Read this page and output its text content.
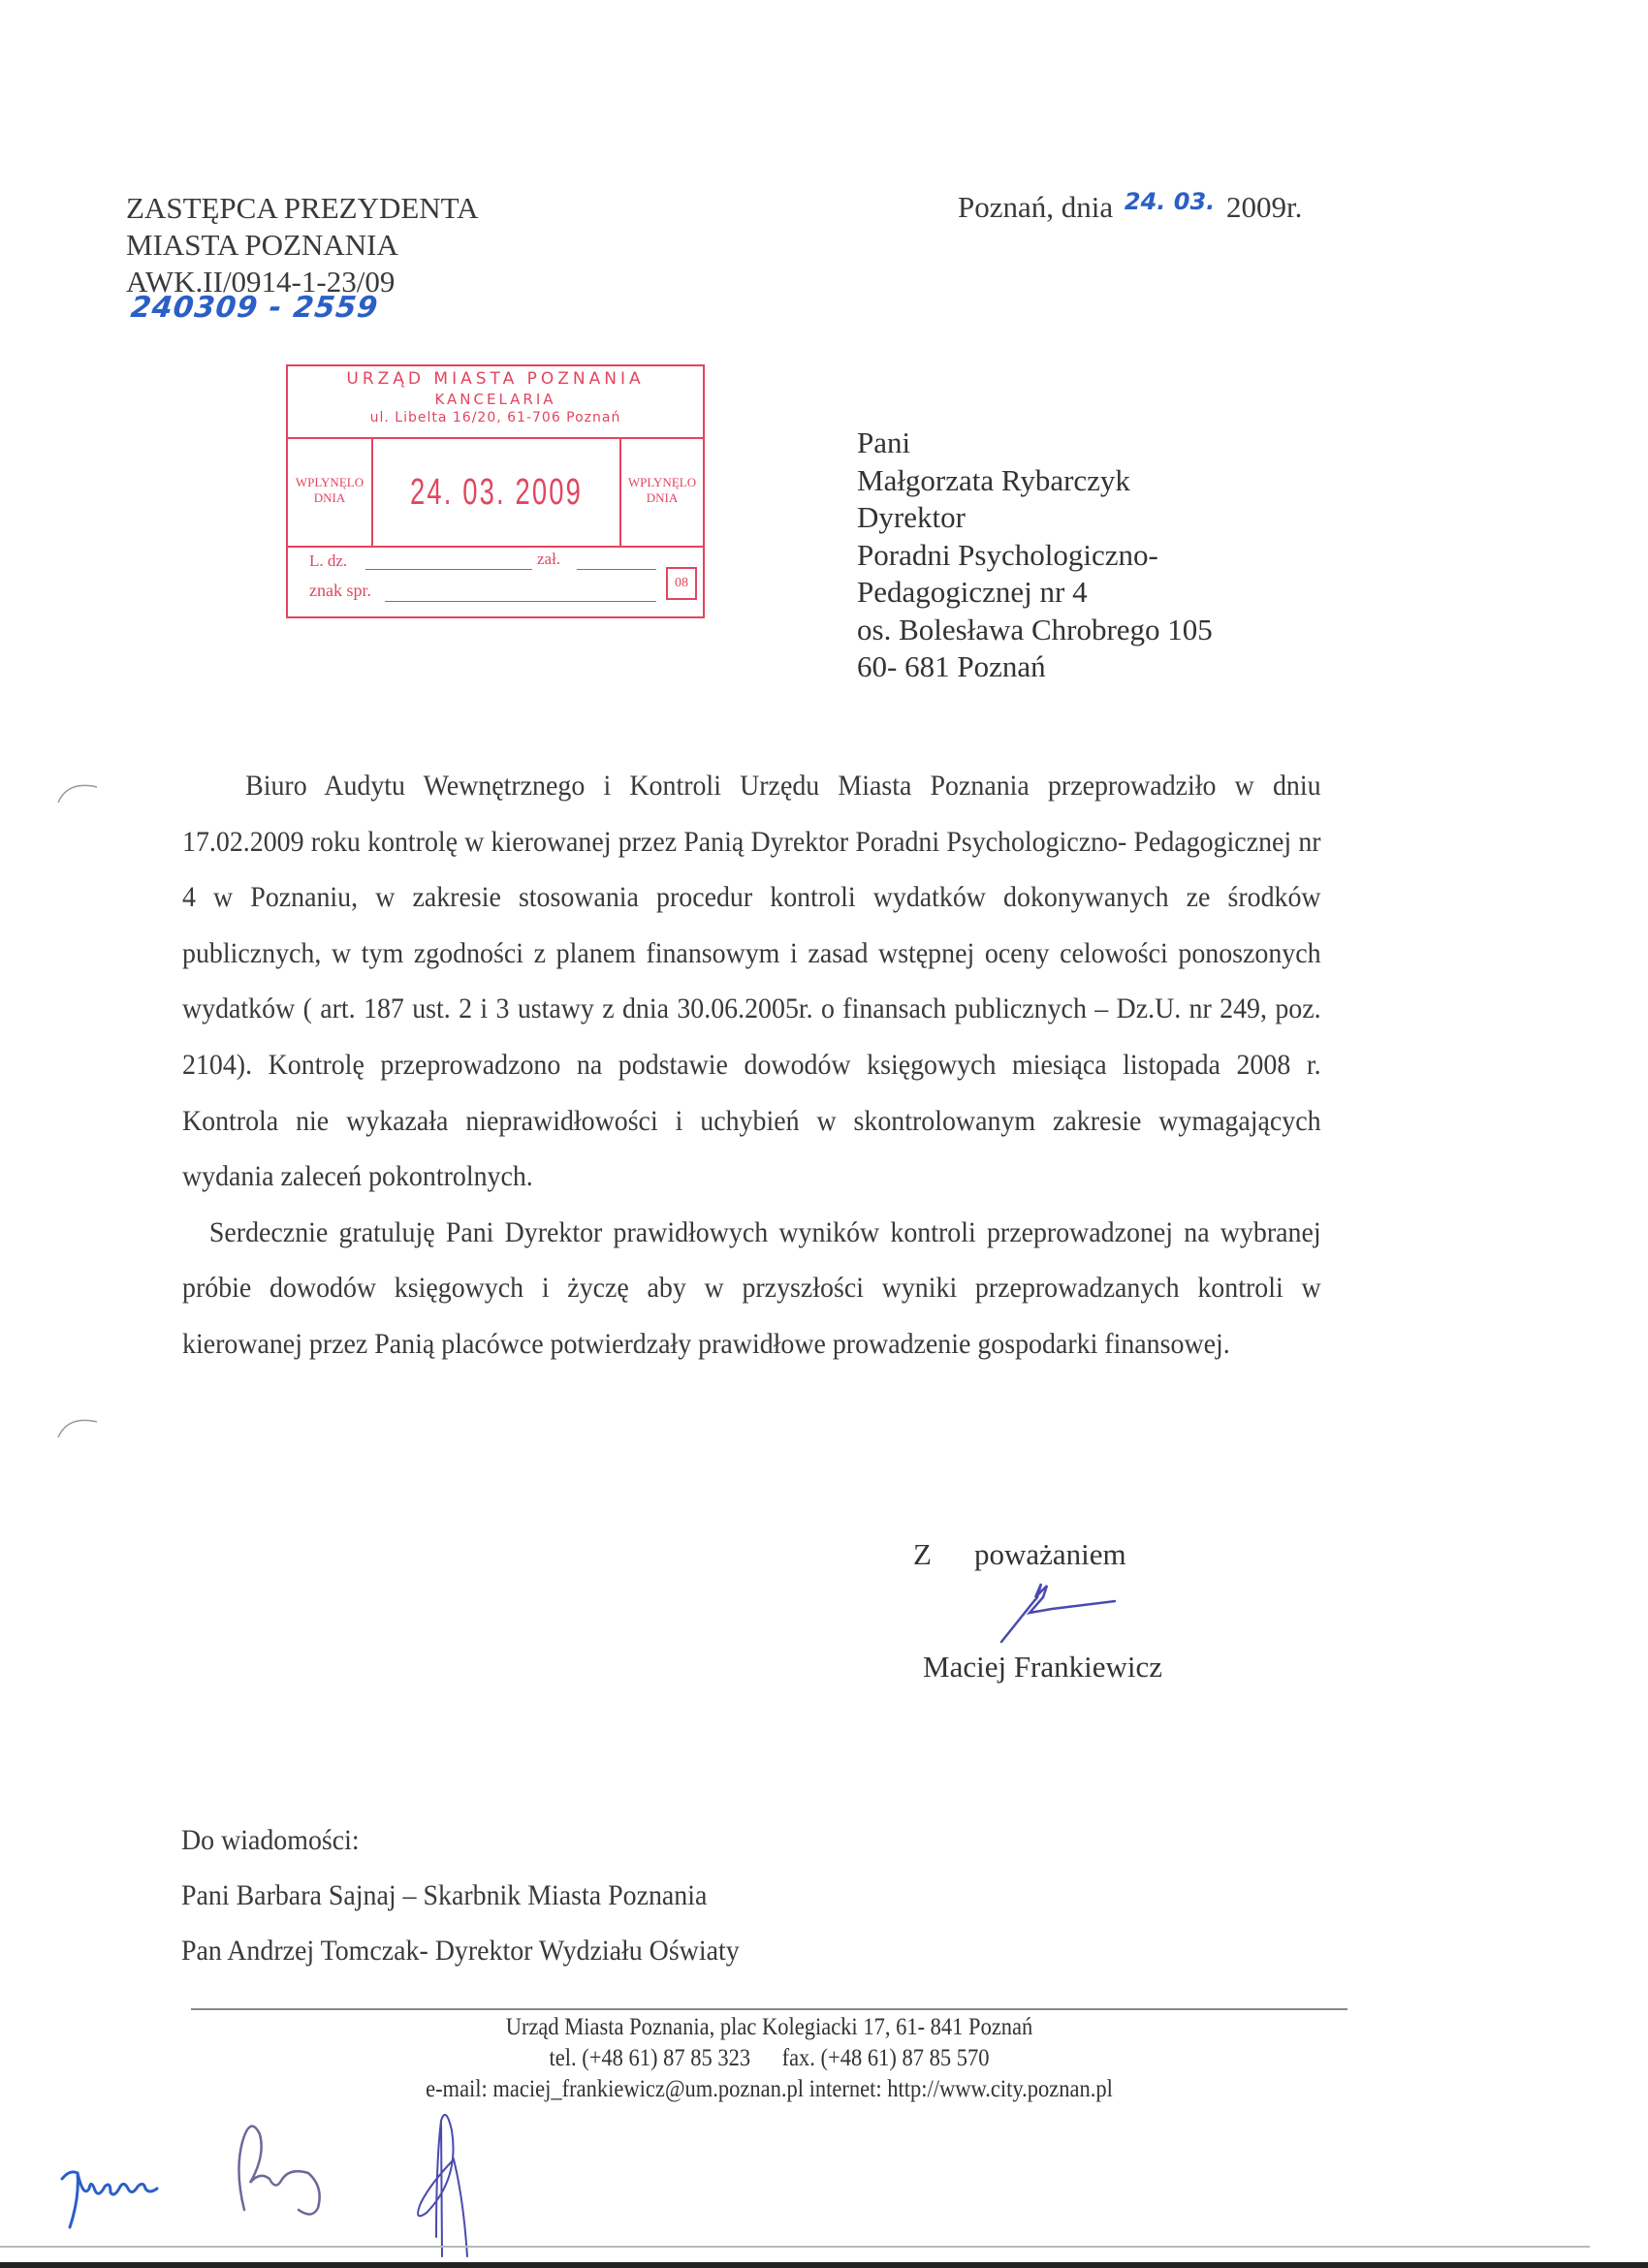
ZASTĘPCA PREZYDENTA
MIASTA POZNANIA
AWK.II/0914-1-23/09
240309 - 2559
Poznań, dnia $^{24. 03.}$ 2009r.
URZĄD MIASTA POZNANIA
KANCELARIA
ul. Libelta 16/20, 61-706 Poznań
WPLYNĘLO
DNIA	24. 03. 2009	WPLYNĘLO
DNIA
L. dz.	zał.
znak spr.	08
Pani
Małgorzata Rybarczyk
Dyrektor
Poradni Psychologiczno-
Pedagogicznej nr 4
os. Bolesława Chrobrego 105
60- 681 Poznań

Biuro Audytu Wewnętrznego i Kontroli Urzędu Miasta Poznania przeprowadziło w dniu 17.02.2009 roku kontrolę w kierowanej przez Panią Dyrektor Poradni Psychologiczno- Pedagogicznej nr 4 w Poznaniu, w zakresie stosowania procedur kontroli wydatków dokonywanych ze środków publicznych, w tym zgodności z planem finansowym i zasad wstępnej oceny celowości ponoszonych wydatków ( art. 187 ust. 2 i 3 ustawy z dnia 30.06.2005r. o finansach publicznych – Dz.U. nr 249, poz. 2104). Kontrolę przeprowadzono na podstawie dowodów księgowych miesiąca listopada 2008 r. Kontrola nie wykazała nieprawidłowości i uchybień w skontrolowanym zakresie wymagających wydania zaleceń pokontrolnych.

Serdecznie gratuluję Pani Dyrektor prawidłowych wyników kontroli przeprowadzonej na wybranej próbie dowodów księgowych i życzę aby w przyszłości wyniki przeprowadzanych kontroli w kierowanej przez Panią placówce potwierdzały prawidłowe prowadzenie gospodarki finansowej.

Z poważaniem
Maciej Frankiewicz
Do wiadomości:
Pani Barbara Sajnaj – Skarbnik Miasta Poznania
Pan Andrzej Tomczak- Dyrektor Wydziału Oświaty
Urząd Miasta Poznania, plac Kolegiacki 17, 61- 841 Poznań
tel. (+48 61) 87 85 323 fax. (+48 61) 87 85 570
e-mail: maciej_frankiewicz@um.poznan.pl internet: http://www.city.poznan.pl
